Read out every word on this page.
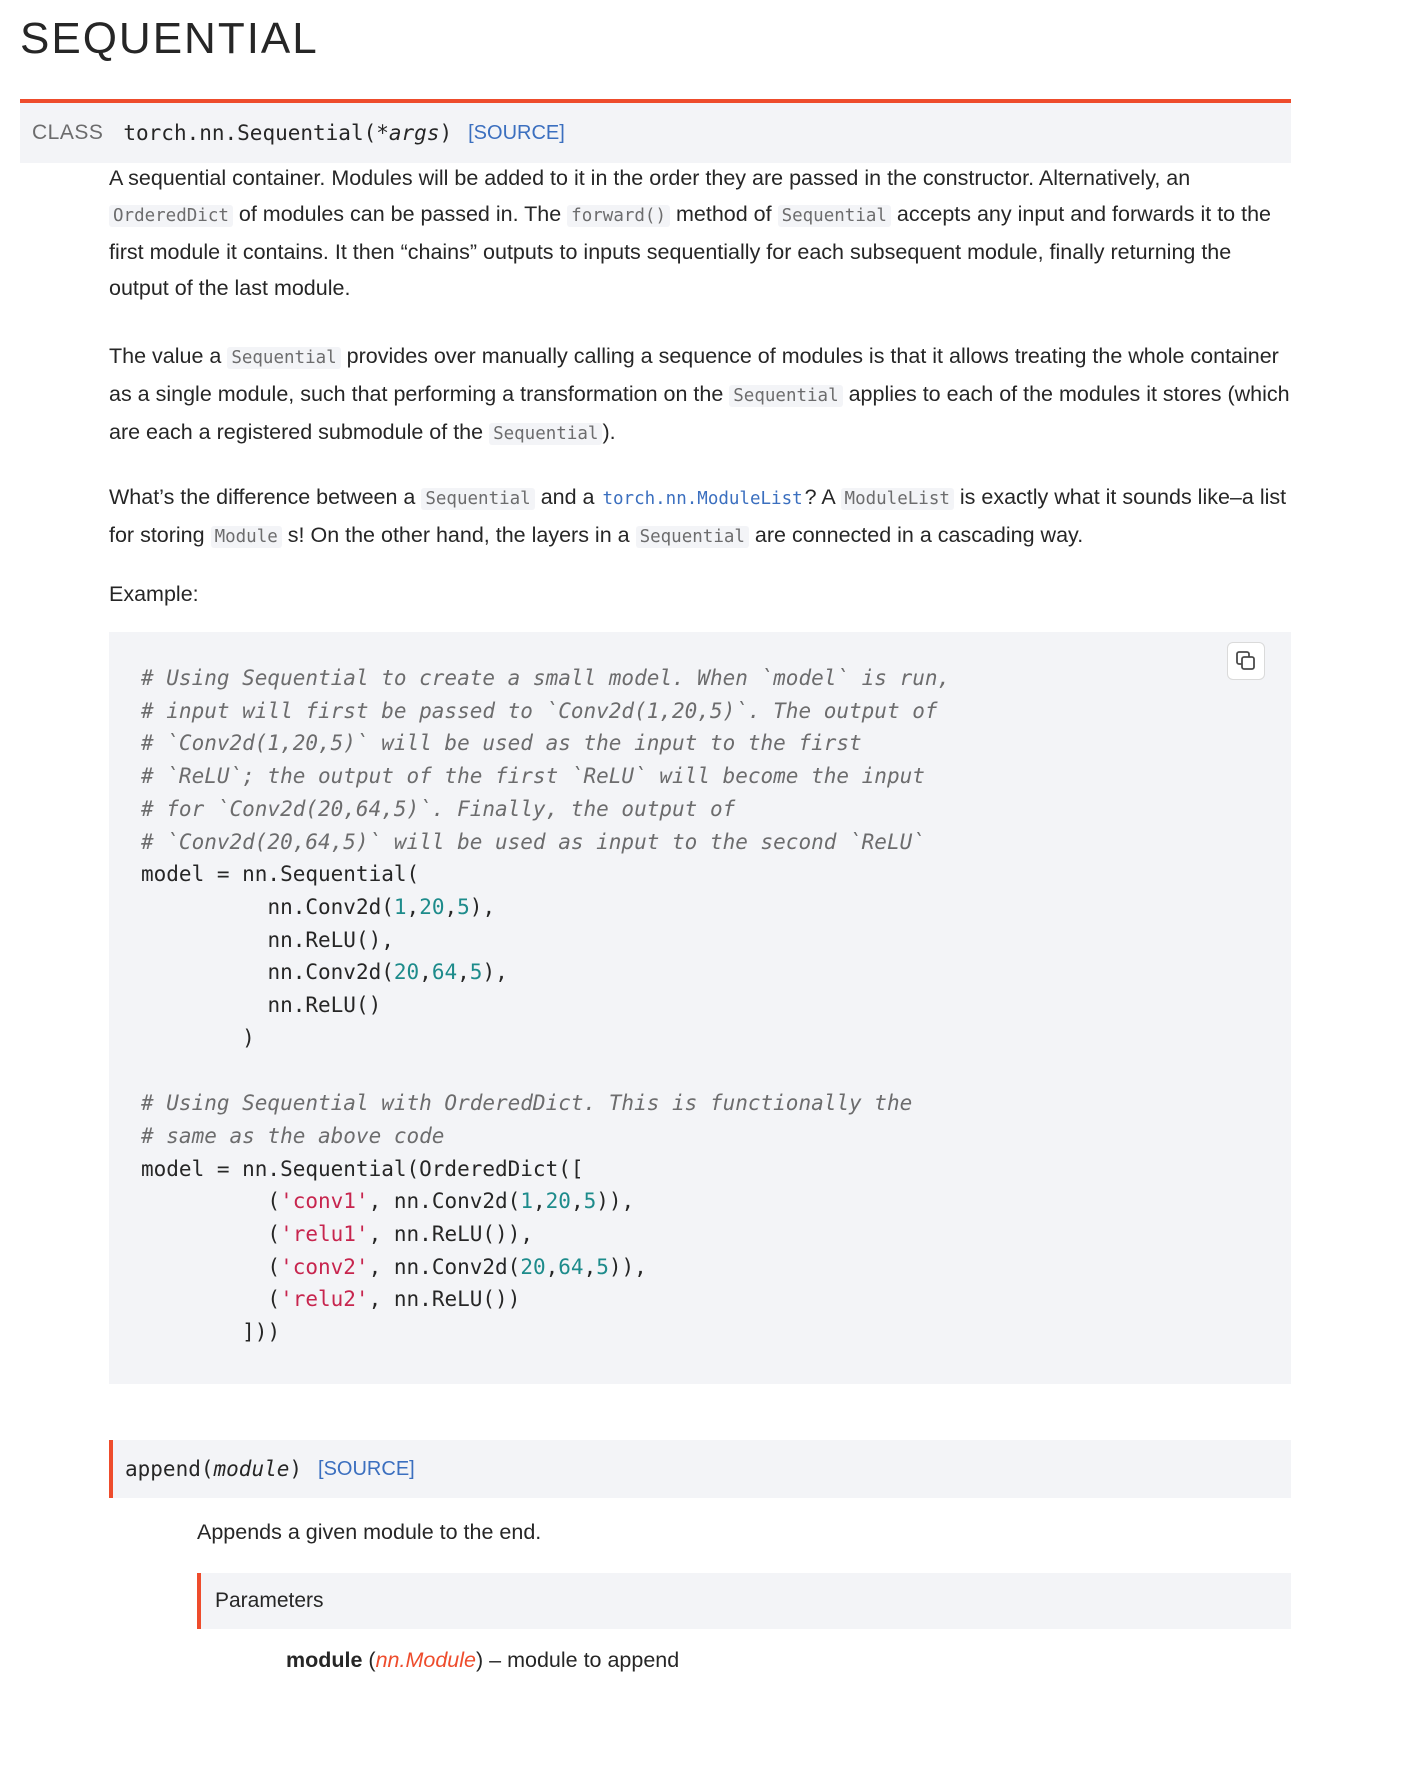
SEQUENTIAL
CLASS torch.nn.Sequential(*args) [SOURCE]

A sequential container. Modules will be added to it in the order they are passed in the constructor. Alternatively, an OrderedDict of modules can be passed in. The forward() method of Sequential accepts any input and forwards it to the first module it contains. It then “chains” outputs to inputs sequentially for each subsequent module, finally returning the output of the last module.

The value a Sequential provides over manually calling a sequence of modules is that it allows treating the whole container as a single module, such that performing a transformation on the Sequential applies to each of the modules it stores (which are each a registered submodule of the Sequential ).

What’s the difference between a Sequential and a torch.nn.ModuleList? A ModuleList is exactly what it sounds like–a list for storing Module s! On the other hand, the layers in a Sequential are connected in a cascading way.

Example:

# Using Sequential to create a small model. When `model` is run,
# input will first be passed to `Conv2d(1,20,5)`. The output of
# `Conv2d(1,20,5)` will be used as the input to the first
# `ReLU`; the output of the first `ReLU` will become the input
# for `Conv2d(20,64,5)`. Finally, the output of
# `Conv2d(20,64,5)` will be used as input to the second `ReLU`
model = nn.Sequential(
nn.Conv2d(1,20,5),
nn.ReLU(),
nn.Conv2d(20,64,5),
nn.ReLU()
)

# Using Sequential with OrderedDict. This is functionally the
# same as the above code
model = nn.Sequential(OrderedDict([
('conv1', nn.Conv2d(1,20,5)),
('relu1', nn.ReLU()),
('conv2', nn.Conv2d(20,64,5)),
('relu2', nn.ReLU())
]))
append(module) [SOURCE]

Appends a given module to the end.

Parameters

module (nn.Module) – module to append
